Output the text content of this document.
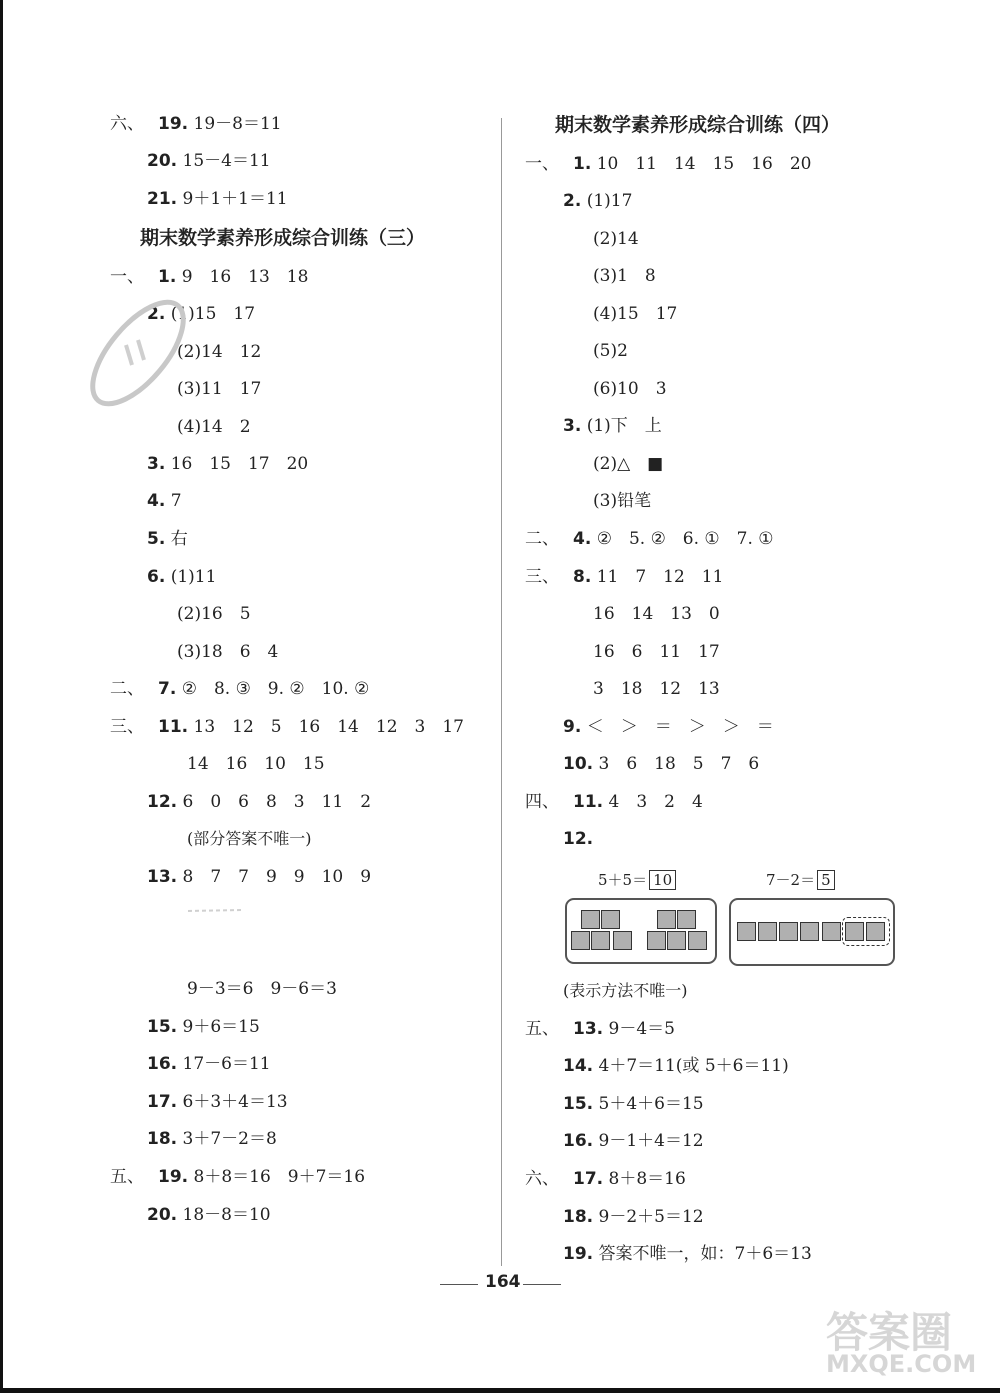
六、 19. 19－8＝11
20. 15－4＝11
21. 9＋1＋1＝11
期末数学素养形成综合训练（三）
一、 1. 9　16　13　18
2. (1)15　17
(2)14　12
(3)11　17
(4)14　2
3. 16　15　17　20
4. 7
5. 右
6. (1)11
(2)16　5
(3)18　6　4
二、 7. ②　8. ③　9. ②　10. ②
三、 11. 13　12　5　16　14　12　3　17
14　16　10　15
12. 6　0　6　8　3　11　2
(部分答案不唯一)
13. 8　7　7　9　9　10　9
9－3＝6　9－6＝3
15. 9＋6＝15
16. 17－6＝11
17. 6＋3＋4＝13
18. 3＋7－2＝8
五、 19. 8＋8＝16　9＋7＝16
20. 18－8＝10
期末数学素养形成综合训练（四）
一、 1. 10　11　14　15　16　20
2. (1)17
(2)14
(3)1　8
(4)15　17
(5)2
(6)10　3
3. (1)下　上
(2)△　■
(3)铅笔
二、 4. ②　5. ②　6. ①　7. ①
三、 8. 11　7　12　11
16　14　13　0
16　6　11　17
3　18　12　13
9. ＜　＞　＝　＞　＞　＝
10. 3　6　18　5　7　6
四、 11. 4　3　2　4
12.
5＋5＝ 10	7－2＝ 5
(表示方法不唯一)
五、 13. 9－4＝5
14. 4＋7＝11(或 5＋6＝11)
15. 5＋4＋6＝15
16. 9－1＋4＝12
六、 17. 8＋8＝16
18. 9－2＋5＝12
19. 答案不唯一，如：7＋6＝13
164
答案圈
MXQE.COM
